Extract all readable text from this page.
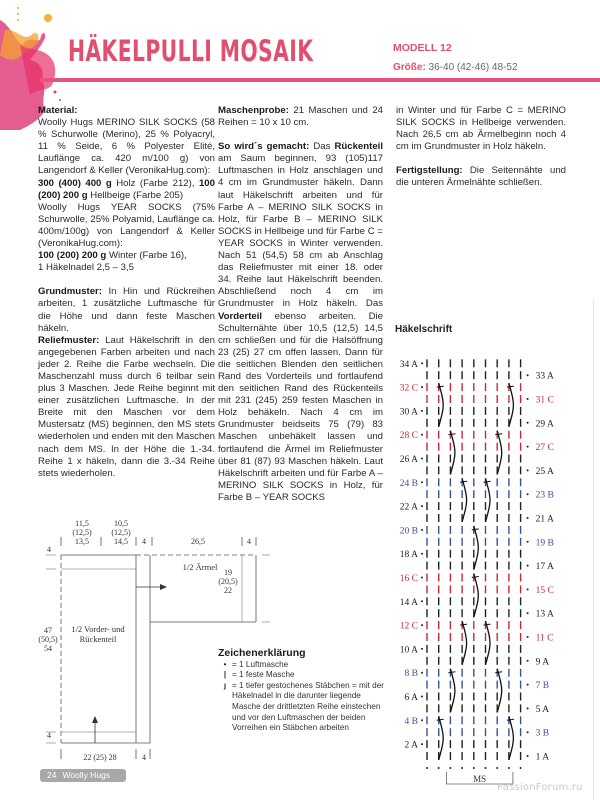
HÄKELPULLI MOSAIK	MODELL 12
Größe: 36-40 (42-46) 48-52

Material:

Woolly Hugs MERINO SILK SOCKS (58 % Schurwolle (Merino), 25 % Polyacryl, 11 % Seide, 6 % Polyester Elité, Lauflänge ca. 420 m/100 g) von Langendorf & Keller (VeronikaHug.com):

300 (400) 400 g Holz (Farbe 212), 100 (200) 200 g Hellbeige (Farbe 205)

Woolly Hugs YEAR SOCKS (75% Schurwolle, 25% Polyamid, Lauflänge ca. 400m/100g) von Langendorf & Keller (VeronikaHug.com):

100 (200) 200 g Winter (Farbe 16),

1 Häkelnadel 2,5 – 3,5

Grundmuster: In Hin und Rückreihen arbeiten, 1 zusätzliche Luftmasche für die Höhe und dann feste Maschen häkeln.

Reliefmuster: Laut Häkelschrift in den angegebenen Farben arbeiten und nach jeder 2. Reihe die Farbe wechseln. Die Maschenzahl muss durch 6 teilbar sein plus 3 Maschen. Jede Reihe beginnt mit einer zusätzlichen Luftmasche. In der Breite mit den Maschen vor dem Mustersatz (MS) beginnen, den MS stets wiederholen und enden mit den Maschen nach dem MS. In der Höhe die 1.-34. Reihe 1 x häkeln, dann die 3.-34 Reihe stets wiederholen.

Maschenprobe: 21 Maschen und 24 Reihen = 10 x 10 cm.

So wird´s gemacht: Das Rückenteil am Saum beginnen, 93 (105)117 Luftmaschen in Holz anschlagen und 4 cm im Grundmuster häkeln. Dann laut Häkelschrift arbeiten und für Farbe A – MERINO SILK SOCKS in Holz, für Farbe B – MERINO SILK SOCKS in Hellbeige und für Farbe C = YEAR SOCKS in Winter verwenden. Nach 51 (54,5) 58 cm ab Anschlag das Reliefmuster mit einer 18. oder 34. Reihe laut Häkelschrift beenden. Abschließend noch 4 cm im Grundmuster in Holz häkeln. Das Vorderteil ebenso arbeiten. Die Schulternähte über 10,5 (12,5) 14,5 cm schließen und für die Halsöffnung 23 (25) 27 cm offen lassen. Dann für die seitlichen Blenden den seitlichen Rand des Vorderteils und fortlaufend den seitlichen Rand des Rückenteils mit 231 (245) 259 festen Maschen in Holz behäkeln. Nach 4 cm im Grundmuster beidseits 75 (79) 83 Maschen unbehäkelt lassen und fortlaufend die Ärmel im Reliefmuster über 81 (87) 93 Maschen häkeln. Laut Häkelschrift arbeiten und für Farbe A – MERINO SILK SOCKS in Holz, für Farbe B – YEAR SOCKS

in Winter und für Farbe C = MERINO SILK SOCKS in Hellbeige verwenden. Nach 26,5 cm ab Ärmelbeginn noch 4 cm im Grundmuster in Holz häkeln.

Fertigstellung: Die Seitennähte und die unteren Ärmelnähte schließen.

11,5
(12,5)
13,5
10,5
(12,5)
14,5 4	26,5	4
4
47
(50,5)
54
4
22 (25) 28	4
19
(20,5)
22
1/2 Ärmel
1/2 Vorder- und
Rückenteil
Zeichenerklärung
• = 1 Luftmasche
| = 1 feste Masche
ȷ = 1 tiefer gestochenes Stäbchen = mit der Häkelnadel in die darunter liegende Masche der drittletzten Reihe einstechen und vor den Luftmaschen der beiden Vorreihen ein Stäbchen arbeiten
Häkelschrift
34 A
32 C
30 A
28 C
26 A
24 B
22 A
20 B
18 A
16 C
14 A
12 C
10 A
8 B
6 A
4 B
2 A
33 A
31 C
29 A
27 C
25 A
23 B
21 A
19 B
17 A
15 C
13 A
11 C
9 A
7 B
5 A
3 B
1 A
MS
24 Woolly Hugs
PassionForum.ru
